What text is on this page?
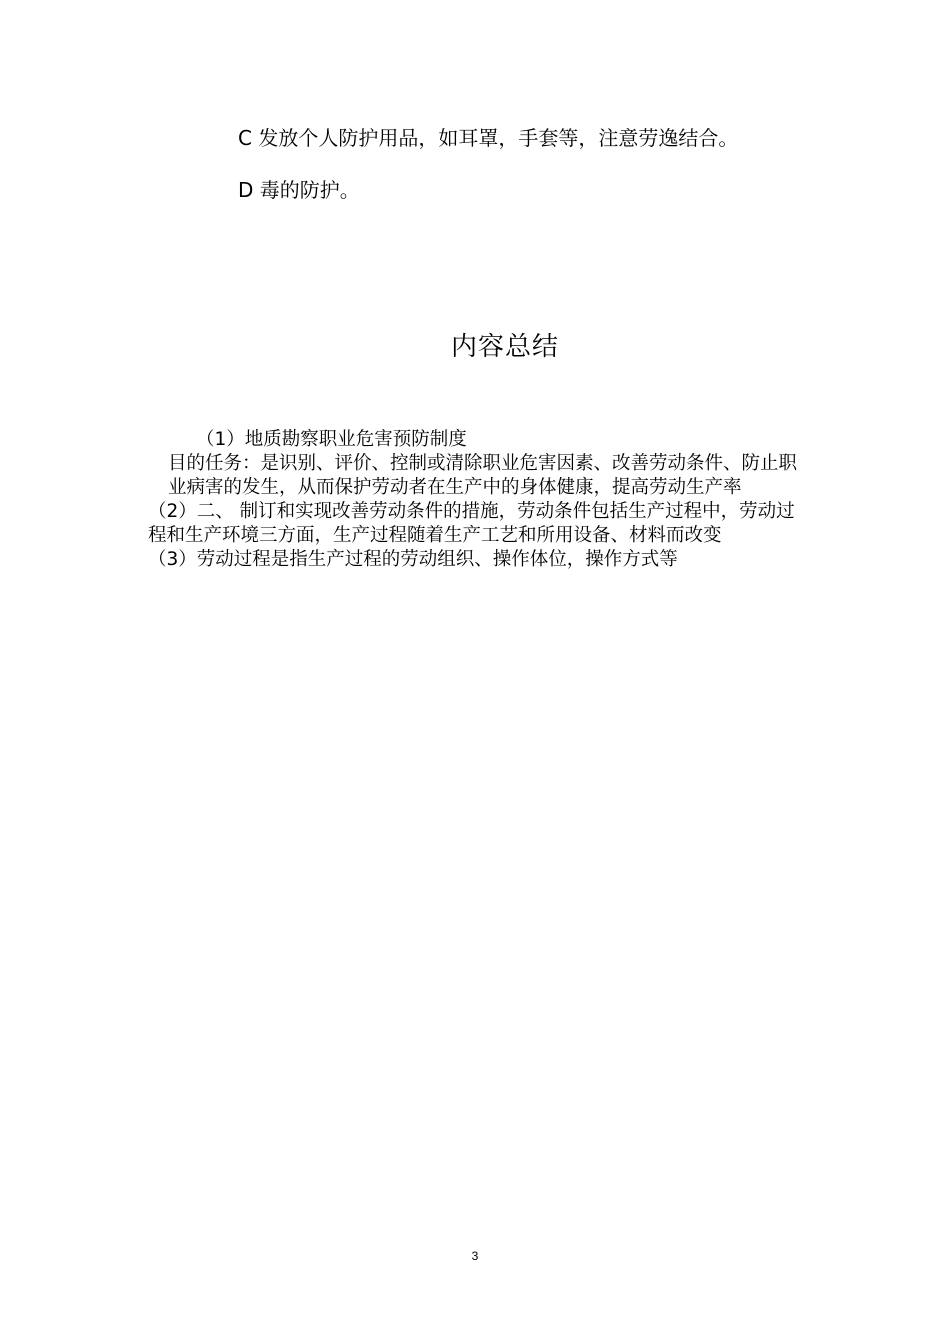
C 发放个人防护用品，如耳罩，手套等，注意劳逸结合。
D 毒的防护。
内容总结

（1）地质勘察职业危害预防制度

目的任务：是识别、评价、控制或清除职业危害因素、改善劳动条件、防止职业病害的发生，从而保护劳动者在生产中的身体健康，提高劳动生产率

（2）二、 制订和实现改善劳动条件的措施，劳动条件包括生产过程中，劳动过程和生产环境三方面，生产过程随着生产工艺和所用设备、材料而改变

（3）劳动过程是指生产过程的劳动组织、操作体位，操作方式等

3
